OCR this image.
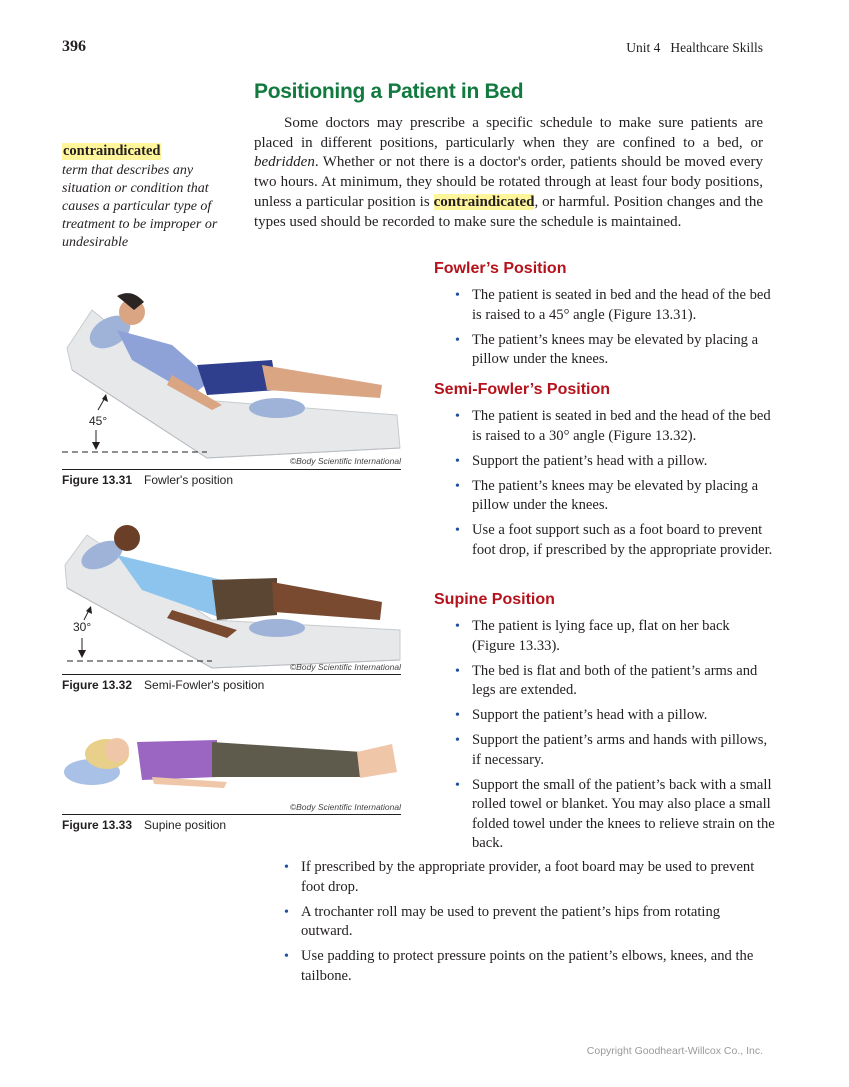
396	Unit 4 Healthcare Skills
Positioning a Patient in Bed
contraindicated

term that describes any situation or condition that causes a particular type of treatment to be improper or undesirable

Some doctors may prescribe a specific schedule to make sure patients are placed in different positions, particularly when they are confined to a bed, or bedridden. Whether or not there is a doctor's order, patients should be moved every two hours. At minimum, they should be rotated through at least four body positions, unless a particular position is contraindicated, or harmful. Position changes and the types used should be recorded to make sure the schedule is maintained.

Fowler’s Position
• The patient is seated in bed and the head of the bed is raised to a 45° angle (Figure 13.31).
• The patient’s knees may be elevated by placing a pillow under the knees.
Semi-Fowler’s Position
• The patient is seated in bed and the head of the bed is raised to a 30° angle (Figure 13.32).
• Support the patient’s head with a pillow.
• The patient’s knees may be elevated by placing a pillow under the knees.
• Use a foot support such as a foot board to prevent foot drop, if prescribed by the appropriate provider.
Supine Position
• The patient is lying face up, flat on her back (Figure 13.33).
• The bed is flat and both of the patient’s arms and legs are extended.
• Support the patient’s head with a pillow.
• Support the patient’s arms and hands with pillows, if necessary.
• Support the small of the patient’s back with a small rolled towel or blanket. You may also place a small folded towel under the knees to relieve strain on the back.
• If prescribed by the appropriate provider, a foot board may be used to prevent foot drop.
• A trochanter roll may be used to prevent the patient’s hips from rotating outward.
• Use padding to protect pressure points on the patient’s elbows, knees, and the tailbone.
45°
©Body Scientific International
Figure 13.31 Fowler's position
30°
©Body Scientific International
Figure 13.32 Semi-Fowler's position
©Body Scientific International
Figure 13.33 Supine position
Copyright Goodheart-Willcox Co., Inc.
